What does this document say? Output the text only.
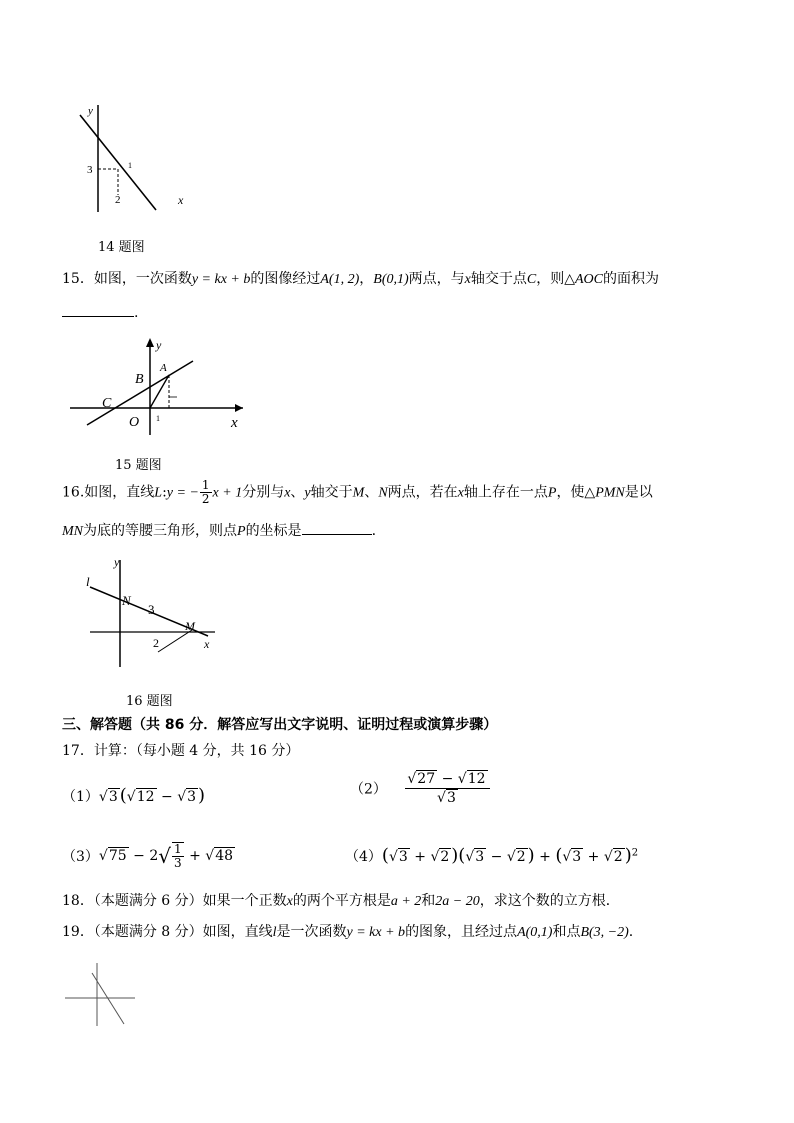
y
3
2
1
x
14 题图
15．如图，一次函数y = kx + b的图像经过A(1, 2)，B(0,1)两点，与x轴交于点C，则△AOC的面积为
.
y
A
B
C
O 1	x
15 题图
16.如图，直线L:y = − $\frac{1}{2}$ x + 1分别与x、y轴交于M、N两点，若在x轴上存在一点P，使△PMN是以
MN为底的等腰三角形，则点P的坐标是	.
y
l
N
3
M
2	x
16 题图
三、解答题（共 86 分．解答应写出文字说明、证明过程或演算步骤）
17．计算：（每小题 4 分，共 16 分）
（1）√3 (√12 − √3 )	$(2) \frac{√27 - √12}{√3}$
$(3)√75 - 2√ \frac{1}{3} + √48$	（4）(√3 + √2 )(√3 − √2 ) + (√3 + √2 )$^2$
18．（本题满分 6 分）如果一个正数x的两个平方根是a + 2和2a − 20，求这个数的立方根．
19．（本题满分 8 分）如图，直线l是一次函数y = kx + b的图象，且经过点A(0,1)和点B(3, −2).
